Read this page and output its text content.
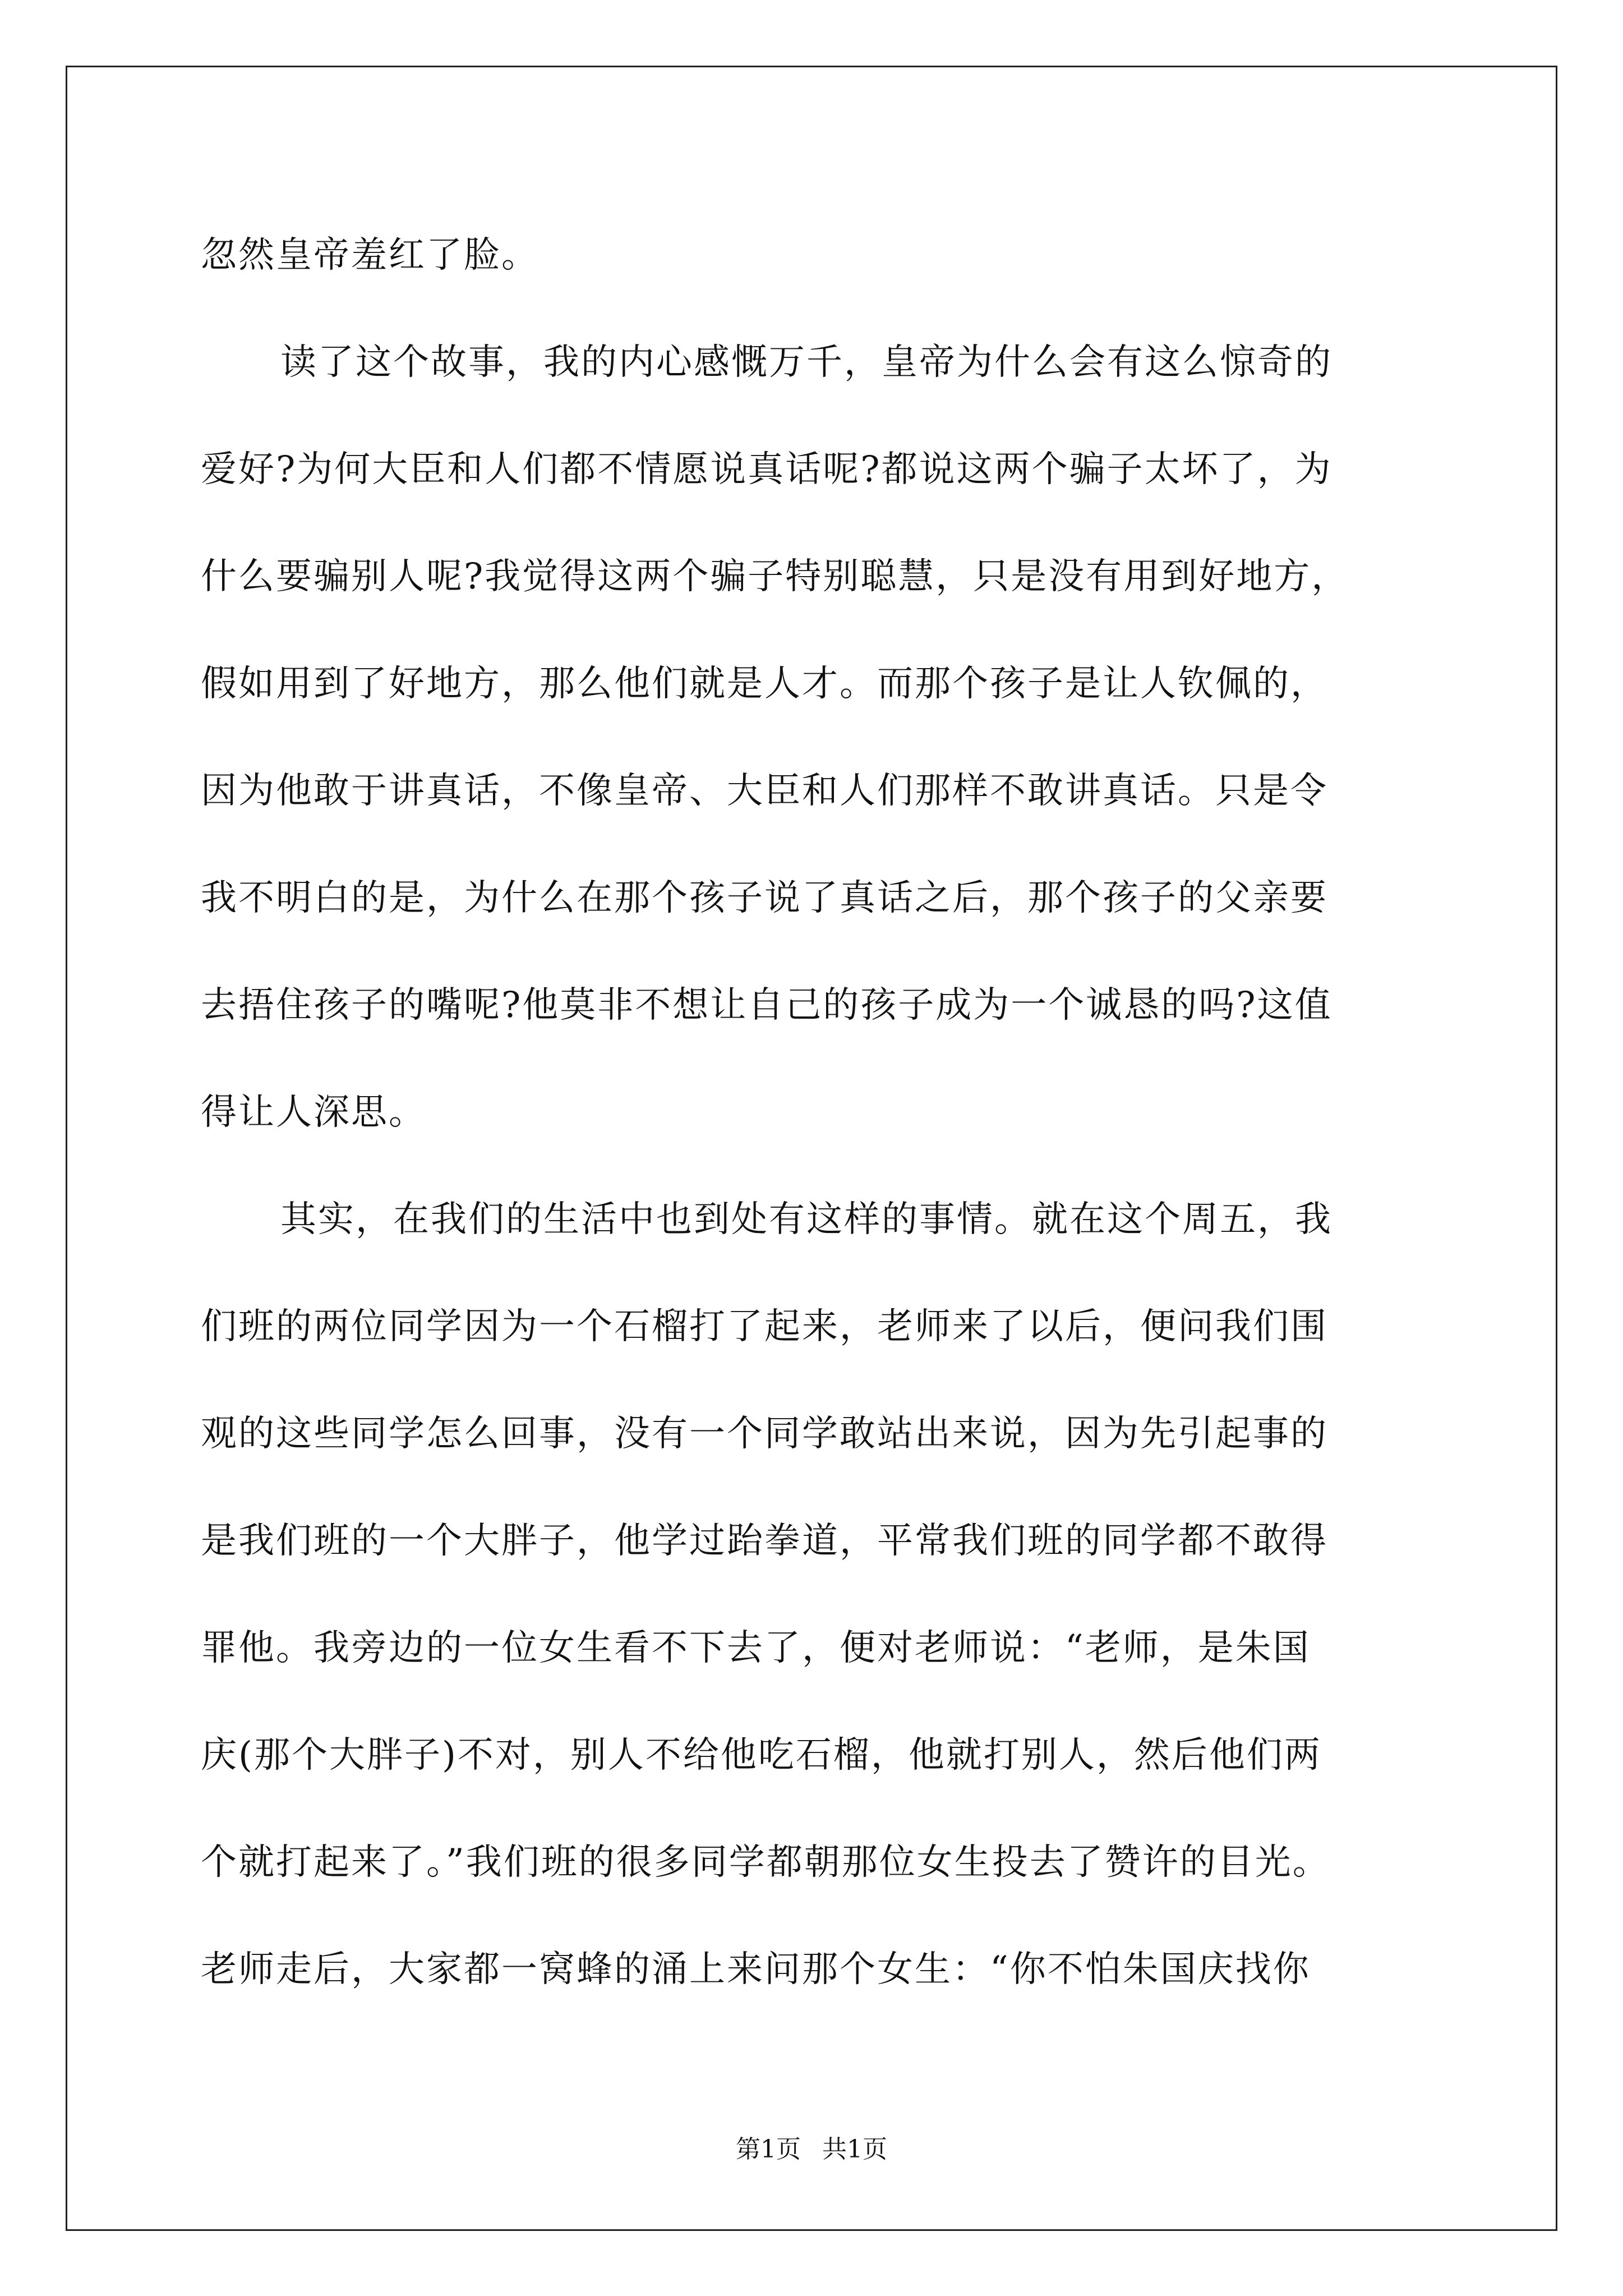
忽然皇帝羞红了脸。
读了这个故事，我的内心感慨万千，皇帝为什么会有这么惊奇的
爱好?为何大臣和人们都不情愿说真话呢?都说这两个骗子太坏了，为
什么要骗别人呢?我觉得这两个骗子特别聪慧，只是没有用到好地方，
假如用到了好地方，那么他们就是人才。而那个孩子是让人钦佩的，
因为他敢于讲真话，不像皇帝、大臣和人们那样不敢讲真话。只是令
我不明白的是，为什么在那个孩子说了真话之后，那个孩子的父亲要
去捂住孩子的嘴呢?他莫非不想让自己的孩子成为一个诚恳的吗?这值
得让人深思。
其实，在我们的生活中也到处有这样的事情。就在这个周五，我
们班的两位同学因为一个石榴打了起来，老师来了以后，便问我们围
观的这些同学怎么回事，没有一个同学敢站出来说，因为先引起事的
是我们班的一个大胖子，他学过跆拳道，平常我们班的同学都不敢得
罪他。我旁边的一位女生看不下去了，便对老师说：“老师，是朱国
庆(那个大胖子)不对，别人不给他吃石榴，他就打别人，然后他们两
个就打起来了。”我们班的很多同学都朝那位女生投去了赞许的目光。
老师走后，大家都一窝蜂的涌上来问那个女生：“你不怕朱国庆找你
第1页 共1页
